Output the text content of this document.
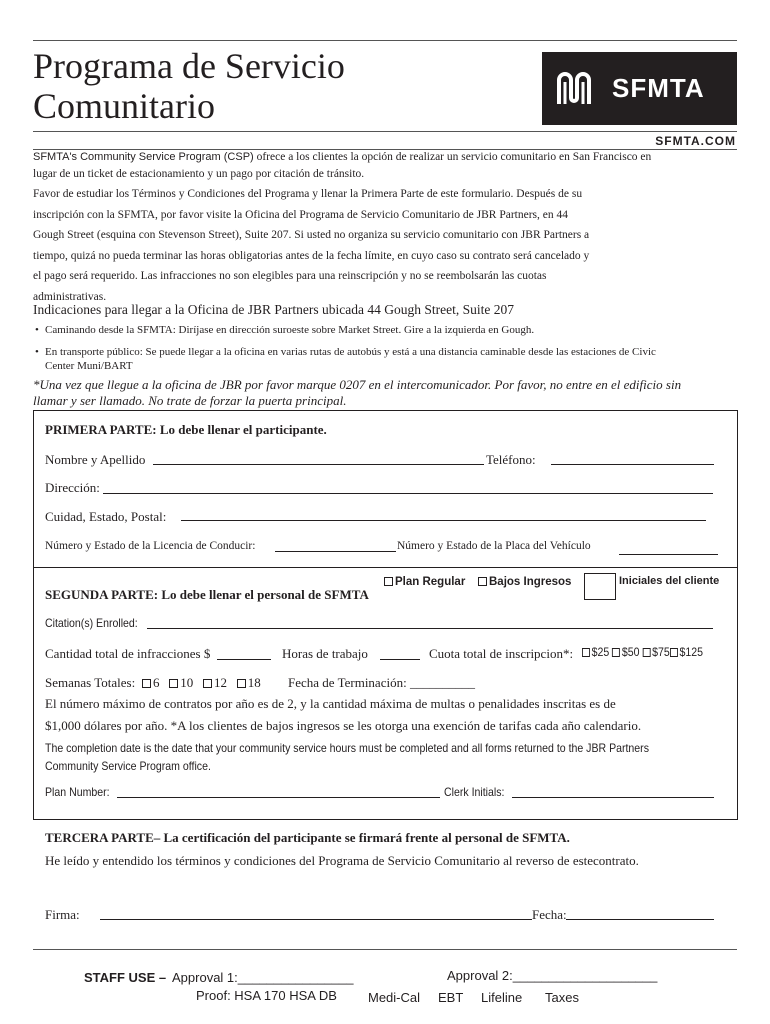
Programa de Servicio
Comunitario	SFMTA
SFMTA.COM
SFMTA's Community Service Program (CSP) ofrece a los clientes la opción de realizar un servicio comunitario en San Francisco en
lugar de un ticket de estacionamiento y un pago por citación de tránsito.
Favor de estudiar los Términos y Condiciones del Programa y llenar la Primera Parte de este formulario. Después de su
inscripción con la SFMTA, por favor visite la Oficina del Programa de Servicio Comunitario de JBR Partners, en 44
Gough Street (esquina con Stevenson Street), Suite 207. Si usted no organiza su servicio comunitario con JBR Partners a
tiempo, quizá no pueda terminar las horas obligatorias antes de la fecha límite, en cuyo caso su contrato será cancelado y
el pago será requerido. Las infracciones no son elegibles para una reinscripción y no se reembolsarán las cuotas
administrativas.
Indicaciones para llegar a la Oficina de JBR Partners ubicada 44 Gough Street, Suite 207
• Caminando desde la SFMTA: Diríjase en dirección suroeste sobre Market Street. Gire a la izquierda en Gough.
• En transporte público: Se puede llegar a la oficina en varias rutas de autobús y está a una distancia caminable desde las estaciones de Civic
Center Muni/BART
*Una vez que llegue a la oficina de JBR por favor marque 0207 en el intercomunicador. Por favor, no entre en el edificio sin
llamar y ser llamado. No trate de forzar la puerta principal.
PRIMERA PARTE: Lo debe llenar el participante.
Nombre y Apellido	Teléfono:
Dirección:
Cuidad, Estado, Postal:
Número y Estado de la Licencia de Conducir:	Número y Estado de la Placa del Vehículo
SEGUNDA PARTE: Lo debe llenar el personal de SFMTA
Plan Regular	Bajos Ingresos	Iniciales del cliente
Citation(s) Enrolled:
Cantidad total de infracciones $	Horas de trabajo	Cuota total de inscripcion*:	$25 $50 $75 $125
Semanas Totales:	6 10 12 18 Fecha de Terminación: __________
El número máximo de contratos por año es de 2, y la cantidad máxima de multas o penalidades inscritas es de
$1,000 dólares por año. *A los clientes de bajos ingresos se les otorga una exención de tarifas cada año calendario.
The completion date is the date that your community service hours must be completed and all forms returned to the JBR Partners
Community Service Program office.
Plan Number:	Clerk Initials:
TERCERA PARTE– La certificación del participante se firmará frente al personal de SFMTA.
He leído y entendido los términos y condiciones del Programa de Servicio Comunitario al reverso de estecontrato.
Firma:	Fecha:
STAFF USE – Approval 1:________________	Approval 2:____________________
Proof: HSA 170 HSA DB Medi-Cal EBT Lifeline Taxes
